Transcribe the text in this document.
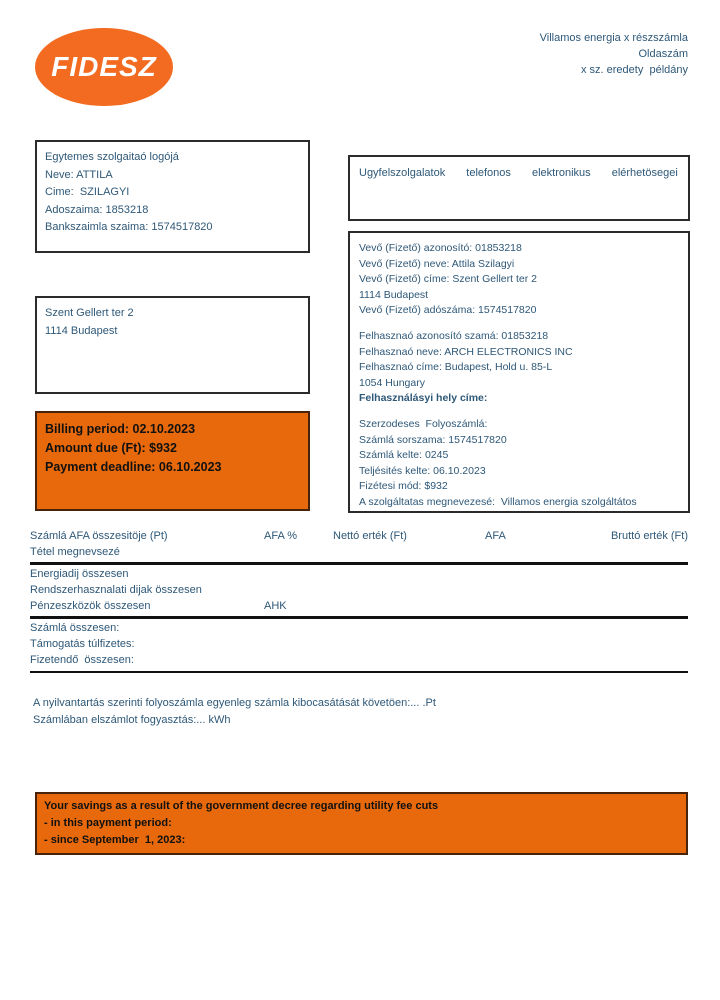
FIDESZ
Villamos energia x részszámla
Oldaszám
x sz. eredety  példány
Egytemes szolgaitaó logójá
Neve: ATTILA
Cime:  SZILAGYI
Adoszaima: 1853218
Bankszaimla szaima: 1574517820
Szent Gellert ter 2
1114 Budapest
Billing period: 02.10.2023
Amount due (Ft): $932
Payment deadline: 06.10.2023
Ugyfelszolgalatok telefonos elektronikus elérhetösegei
Vevő (Fizető) azonosító: 01853218
Vevő (Fizető) neve: Attila Szilagyi
Vevő (Fizető) címe: Szent Gellert ter 2
1114 Budapest
Vevő (Fizető) adószáma: 1574517820
Felhasznaó azonosító szamá: 01853218
Felhasznaó neve: ARCH ELECTRONICS INC
Felhasznaó címe: Budapest, Hold u. 85-L
1054 Hungary
Felhasználásyi hely címe:
Szerzodeses  Folyoszámlá:
Számlá sorszama: 1574517820
Számlá kelte: 0245
Teljésités kelte: 06.10.2023
Fizétesi mód: $932
A szolgáltatas megnevezesé:  Villamos energia szolgáltátos
Számlá AFA összesitöje (Pt)	AFA %	Nettó erték (Ft)	AFA	Bruttó erték (Ft)
Tétel megnevsezé
Energiadij összesen
Rendszerhasznalati dijak összesen
Pénzeszközök összesen	AHK
Számlá összesen:
Támogatás túlfizetes:
Fizetendő  összesen:
A nyilvantartás szerinti folyoszámla egyenleg számla kibocasátását követöen:... .Pt
Számlában elszámlot fogyasztás:... kWh
Your savings as a result of the government decree regarding utility fee cuts
- in this payment period:
- since September  1, 2023:
